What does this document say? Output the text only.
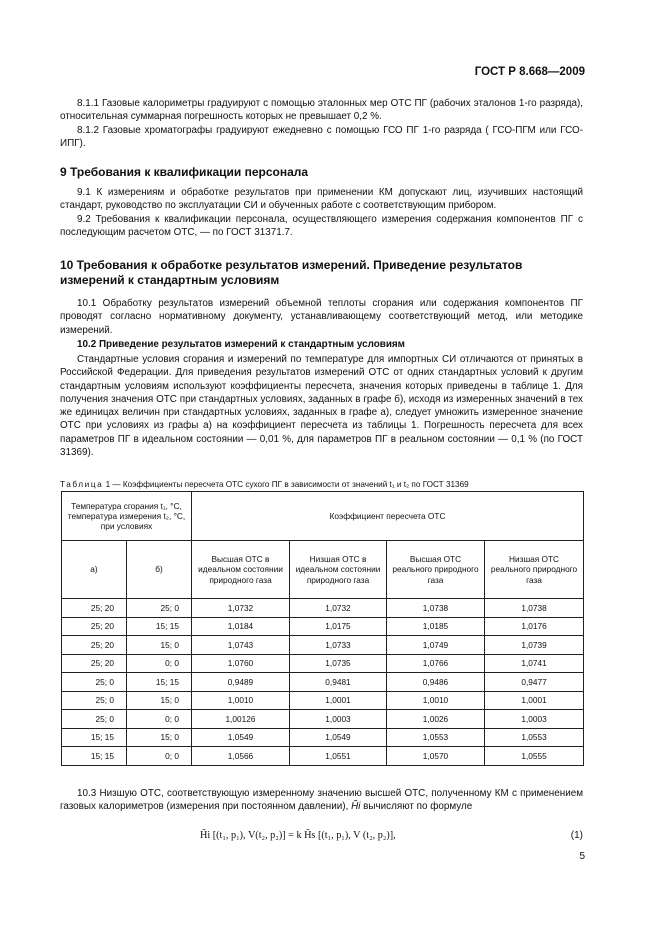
ГОСТ Р 8.668—2009
8.1.1 Газовые калориметры градуируют с помощью эталонных мер ОТС ПГ (рабочих эталонов 1-го разряда), относительная суммарная погрешность которых не превышает 0,2 %.
8.1.2 Газовые хроматографы градуируют ежедневно с помощью ГСО ПГ 1-го разряда ( ГСО-ПГМ или ГСО-ИПГ).
9 Требования к квалификации персонала
9.1 К измерениям и обработке результатов при применении КМ допускают лиц, изучивших настоящий стандарт, руководство по эксплуатации СИ и обученных работе с соответствующим прибором.
9.2 Требования к квалификации персонала, осуществляющего измерения содержания компонентов ПГ с последующим расчетом ОТС, — по ГОСТ 31371.7.
10 Требования к обработке результатов измерений. Приведение результатов измерений к стандартным условиям
10.1 Обработку результатов измерений объемной теплоты сгорания или содержания компонентов ПГ проводят согласно нормативному документу, устанавливающему соответствующий метод, или методике измерений.
10.2 Приведение результатов измерений к стандартным условиям
Стандартные условия сгорания и измерений по температуре для импортных СИ отличаются от принятых в Российской Федерации. Для приведения результатов измерений ОТС от одних стандартных условий к другим стандартным условиям используют коэффициенты пересчета, значения которых приведены в таблице 1. Для получения значения ОТС при стандартных условиях, заданных в графе б), исходя из измеренных значений в тех же единицах величин при стандартных условиях, заданных в графе а), следует умножить измеренное значение ОТС при условиях из графы а) на коэффициент пересчета из таблицы 1. Погрешность пересчета для всех параметров ПГ в идеальном состоянии — 0,01 %, для параметров ПГ в реальном состоянии — 0,1 % (по ГОСТ 31369).
Таблица 1 — Коэффициенты пересчета ОТС сухого ПГ в зависимости от значений t₁ и t₂ по ГОСТ 31369
Температура сгорания t₁, °С, температура измерения t₂, °С, при условиях		Коэффициент пересчета ОТС			
а)	б)	Высшая ОТС в идеальном состоянии природного газа	Низшая ОТС в идеальном состоянии природного газа	Высшая ОТС реального природного газа	Низшая ОТС реального природного газа
25; 20	25; 0	1,0732	1,0732	1,0738	1,0738
25; 20	15; 15	1,0184	1,0175	1,0185	1,0176
25; 20	15; 0	1,0743	1,0733	1,0749	1,0739
25; 20	0; 0	1,0760	1,0735	1,0766	1,0741
25; 0	15; 15	0,9489	0,9481	0,9486	0,9477
25; 0	15; 0	1,0010	1,0001	1,0010	1,0001
25; 0	0; 0	1,00126	1,0003	1,0026	1,0003
15; 15	15; 0	1,0549	1,0549	1,0553	1,0553
15; 15	0; 0	1,0566	1,0551	1,0570	1,0555
10.3 Низшую ОТС, соответствующую измеренному значению высшей ОТС, полученному КМ с применением газовых калориметров (измерения при постоянном давлении), H̃i вычисляют по формуле
H̃i [(t₁, p₁), V(t₂, p₂)] = k H̃s [(t₁, p₁), V (t₂, p₂)],	(1)
5
